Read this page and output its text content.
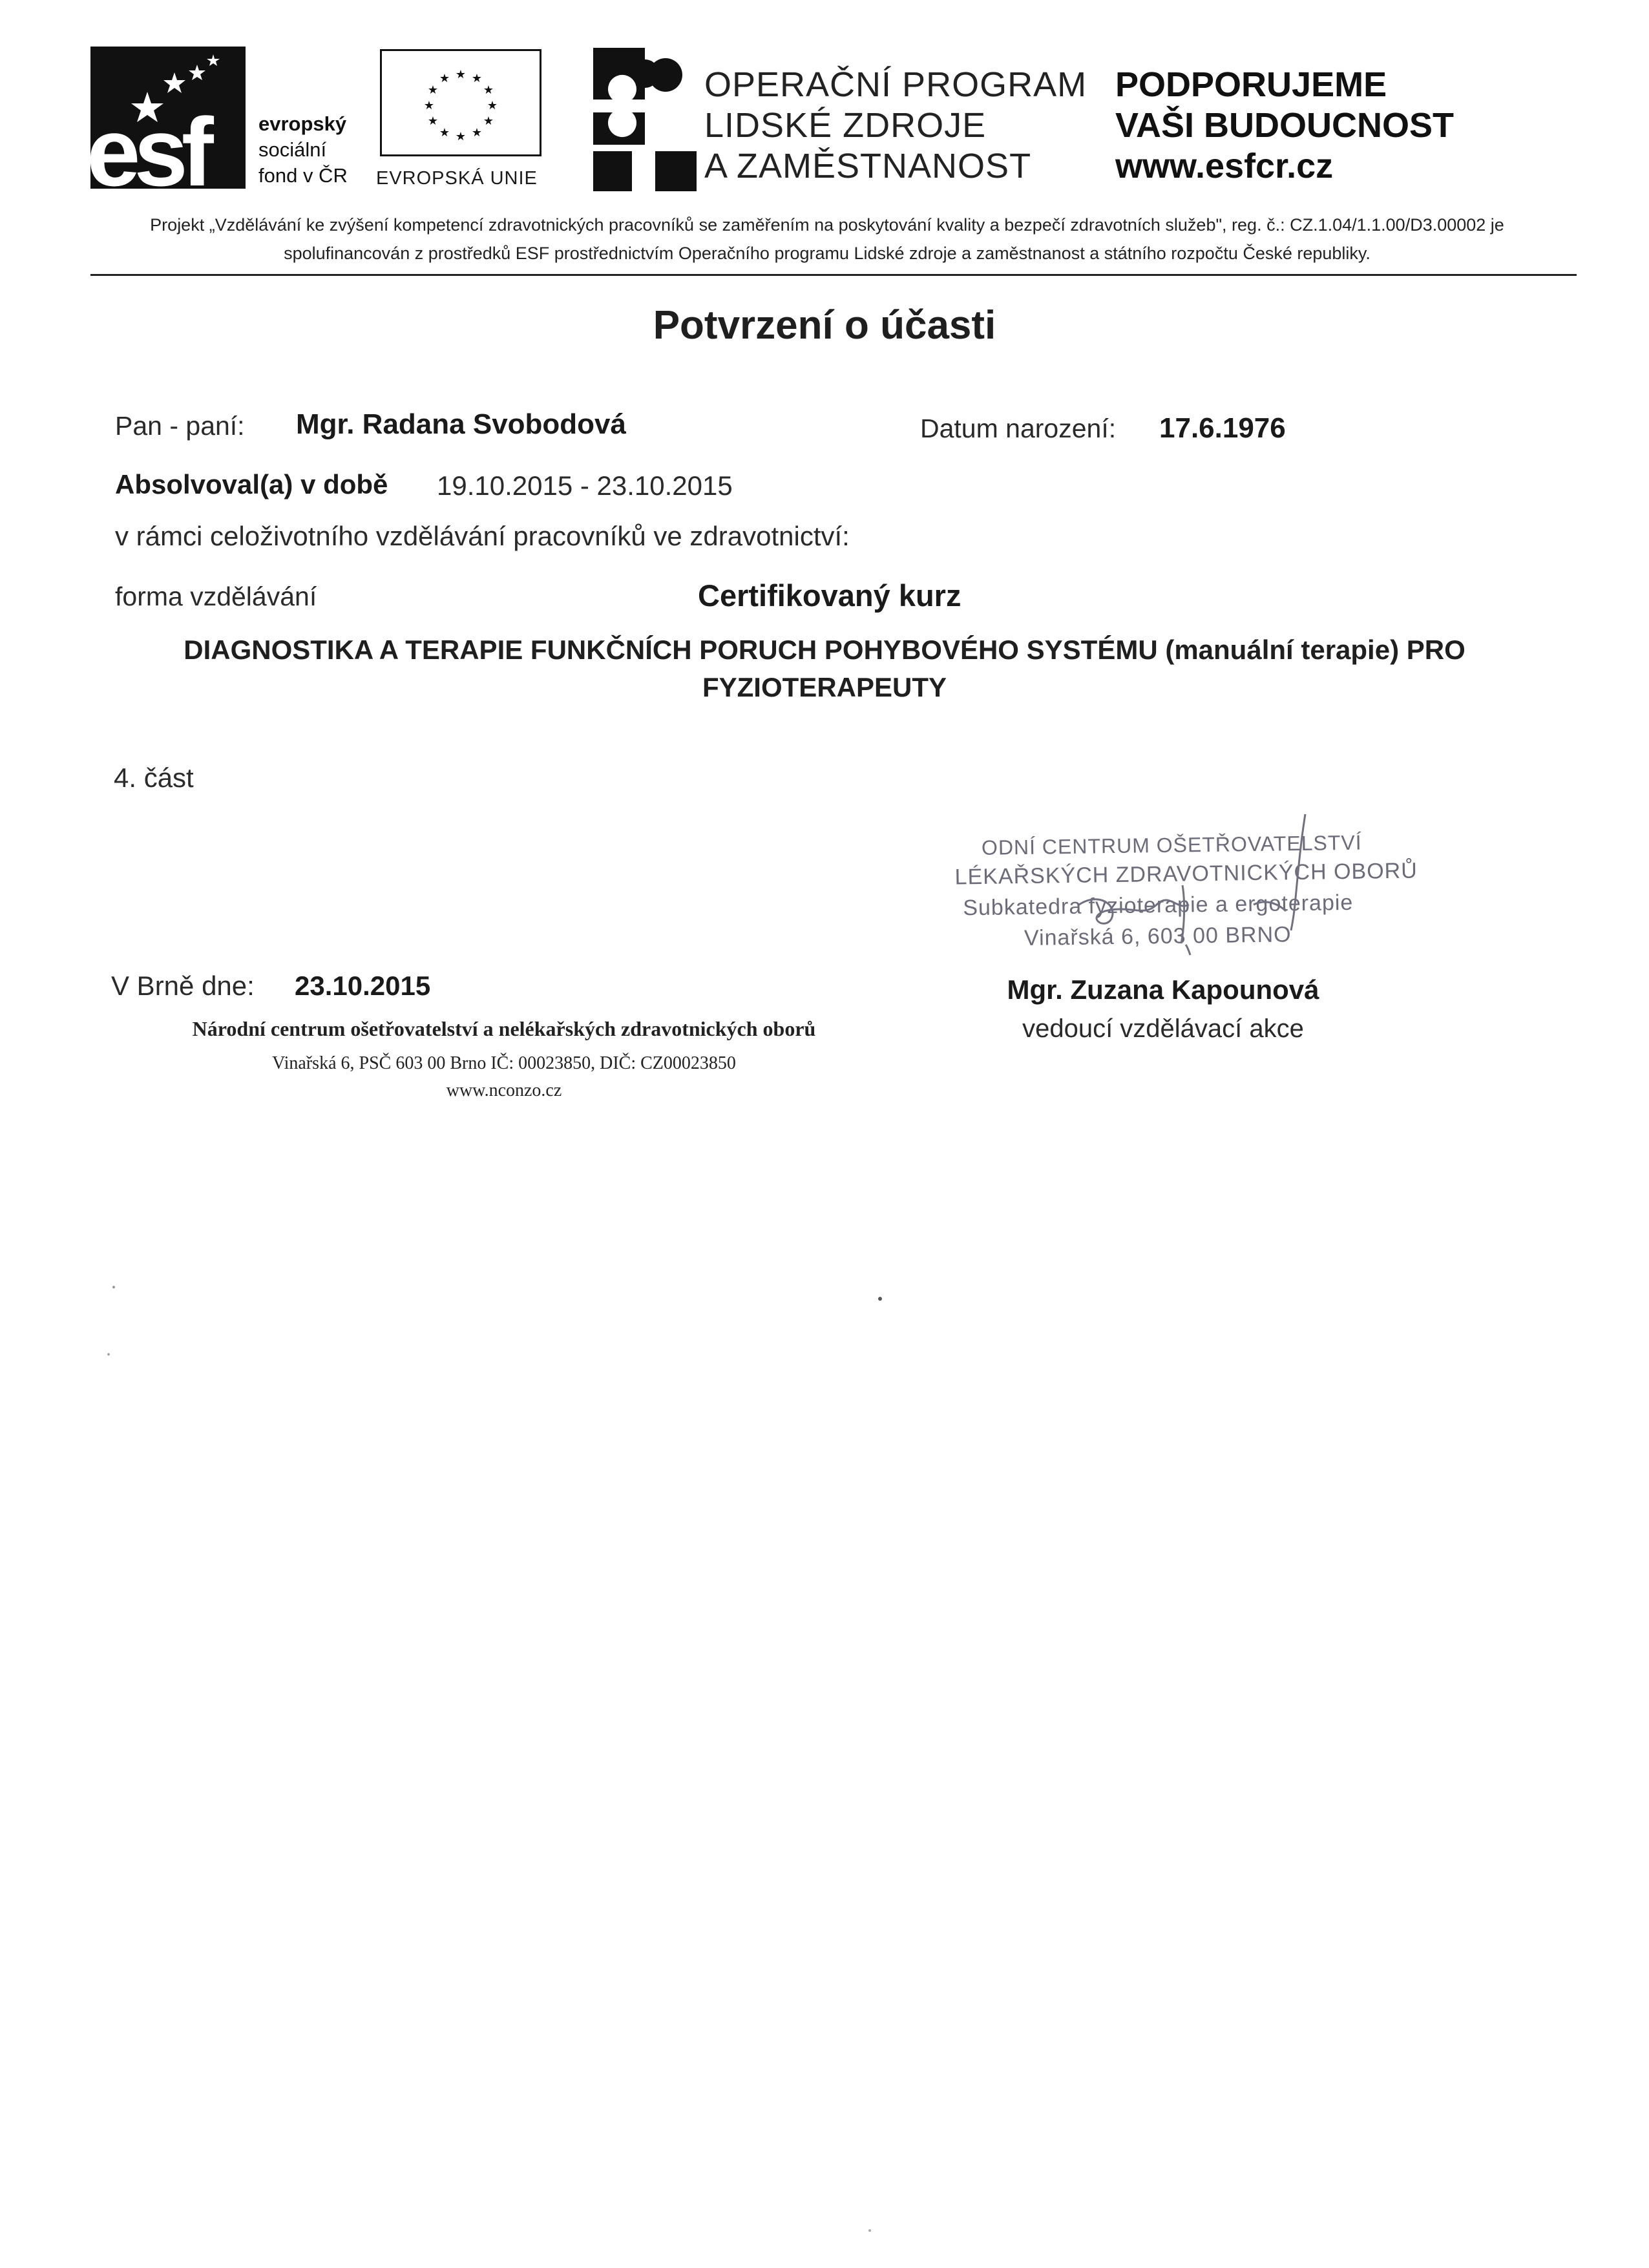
esf	evropský
sociální
fond v ČR
★ ★
★
★
★
★
★
★
★
★
★
★
EVROPSKÁ UNIE
OPERAČNÍ PROGRAM
LIDSKÉ ZDROJE
A ZAMĚSTNANOST
PODPORUJEME
VAŠI BUDOUCNOST
www.esfcr.cz
Projekt „Vzdělávání ke zvýšení kompetencí zdravotnických pracovníků se zaměřením na poskytování kvality a bezpečí zdravotních služeb", reg. č.: CZ.1.04/1.1.00/D3.00002 je
spolufinancován z prostředků ESF prostřednictvím Operačního programu Lidské zdroje a zaměstnanost a státního rozpočtu České republiky.
Potvrzení o účasti
Pan - paní: Mgr. Radana Svobodová	Datum narození: 17.6.1976
Absolvoval(a) v době 19.10.2015 - 23.10.2015
v rámci celoživotního vzdělávání pracovníků ve zdravotnictví:
forma vzdělávání	Certifikovaný kurz
DIAGNOSTIKA A TERAPIE FUNKČNÍCH PORUCH POHYBOVÉHO SYSTÉMU (manuální terapie) PRO
FYZIOTERAPEUTY
4. část
ODNÍ CENTRUM OŠETŘOVATELSTVÍ
LÉKAŘSKÝCH ZDRAVOTNICKÝCH OBORŮ
Subkatedra fyzioterapie a ergoterapie
Vinařská 6, 603 00 BRNO
V Brně dne: 23.10.2015	Mgr. Zuzana Kapounová
vedoucí vzdělávací akce
Národní centrum ošetřovatelství a nelékařských zdravotnických oborů
Vinařská 6, PSČ 603 00 Brno IČ: 00023850, DIČ: CZ00023850
www.nconzo.cz
